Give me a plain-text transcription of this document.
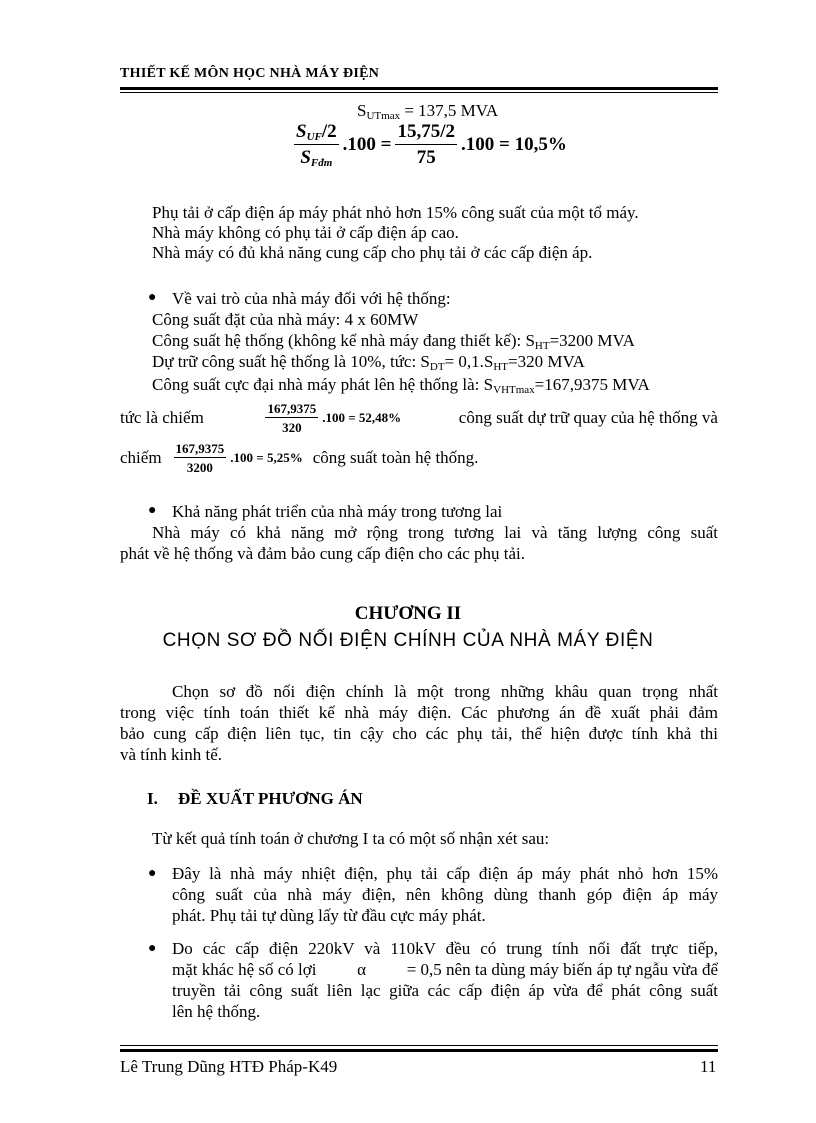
THIẾT KẾ MÔN HỌC NHÀ MÁY ĐIỆN
$S_{UTmax} = 137,5$ MVA
$\frac{S_{UF}/2}{S_{Fđm}} .100 = \frac{15,75/2}{75} .100 = 10,5\%$
Phụ tải ở cấp điện áp máy phát nhỏ hơn 15% công suất của một tổ máy.
Nhà máy không có phụ tải ở cấp điện áp cao.
Nhà máy có đủ khả năng cung cấp cho phụ tải ở các cấp điện áp.
● Về vai trò của nhà máy đối với hệ thống:
Công suất đặt của nhà máy: 4 x 60MW
Công suất hệ thống (không kể nhà máy đang thiết kế): $S_{HT}=3200$ MVA
Dự trữ công suất hệ thống là 10%, tức: $S_{DT}= 0,1.S_{HT}=320$ MVA
Công suất cực đại nhà máy phát lên hệ thống là: $S_{VHTmax}=167,9375$ MVA
tức là chiếm	$\frac{167,9375}{320} .100 = 52,48\%$	công suất dự trữ quay của hệ thống và
chiếm $\frac{167,9375}{3200} .100 = 5,25\%$ công suất toàn hệ thống.
● Khả năng phát triển của nhà máy trong tương lai
Nhà máy có khả năng mở rộng trong tương lai và tăng lượng công suất
phát về hệ thống và đảm bảo cung cấp điện cho các phụ tải.
CHƯƠNG II
CHỌN SƠ ĐỒ NỐI ĐIỆN CHÍNH CỦA NHÀ MÁY ĐIỆN
Chọn sơ đồ nối điện chính là một trong những khâu quan trọng nhất
trong việc tính toán thiết kế nhà máy điện. Các phương án đề xuất phải đảm
bảo cung cấp điện liên tục, tin cậy cho các phụ tải, thể hiện được tính khả thi
và tính kinh tế.
I. ĐỀ XUẤT PHƯƠNG ÁN
Từ kết quả tính toán ở chương I ta có một số nhận xét sau:
● Đây là nhà máy nhiệt điện, phụ tải cấp điện áp máy phát nhỏ hơn 15%
công suất của nhà máy điện, nên không dùng thanh góp điện áp máy
phát. Phụ tải tự dùng lấy từ đầu cực máy phát.
● Do các cấp điện 220kV và 110kV đều có trung tính nối đất trực tiếp,
mặt khác hệ số có lợi α = 0,5 nên ta dùng máy biến áp tự ngẫu vừa để
truyền tải công suất liên lạc giữa các cấp điện áp vừa để phát công suất
lên hệ thống.
Lê Trung Dũng HTĐ Pháp-K49	11
